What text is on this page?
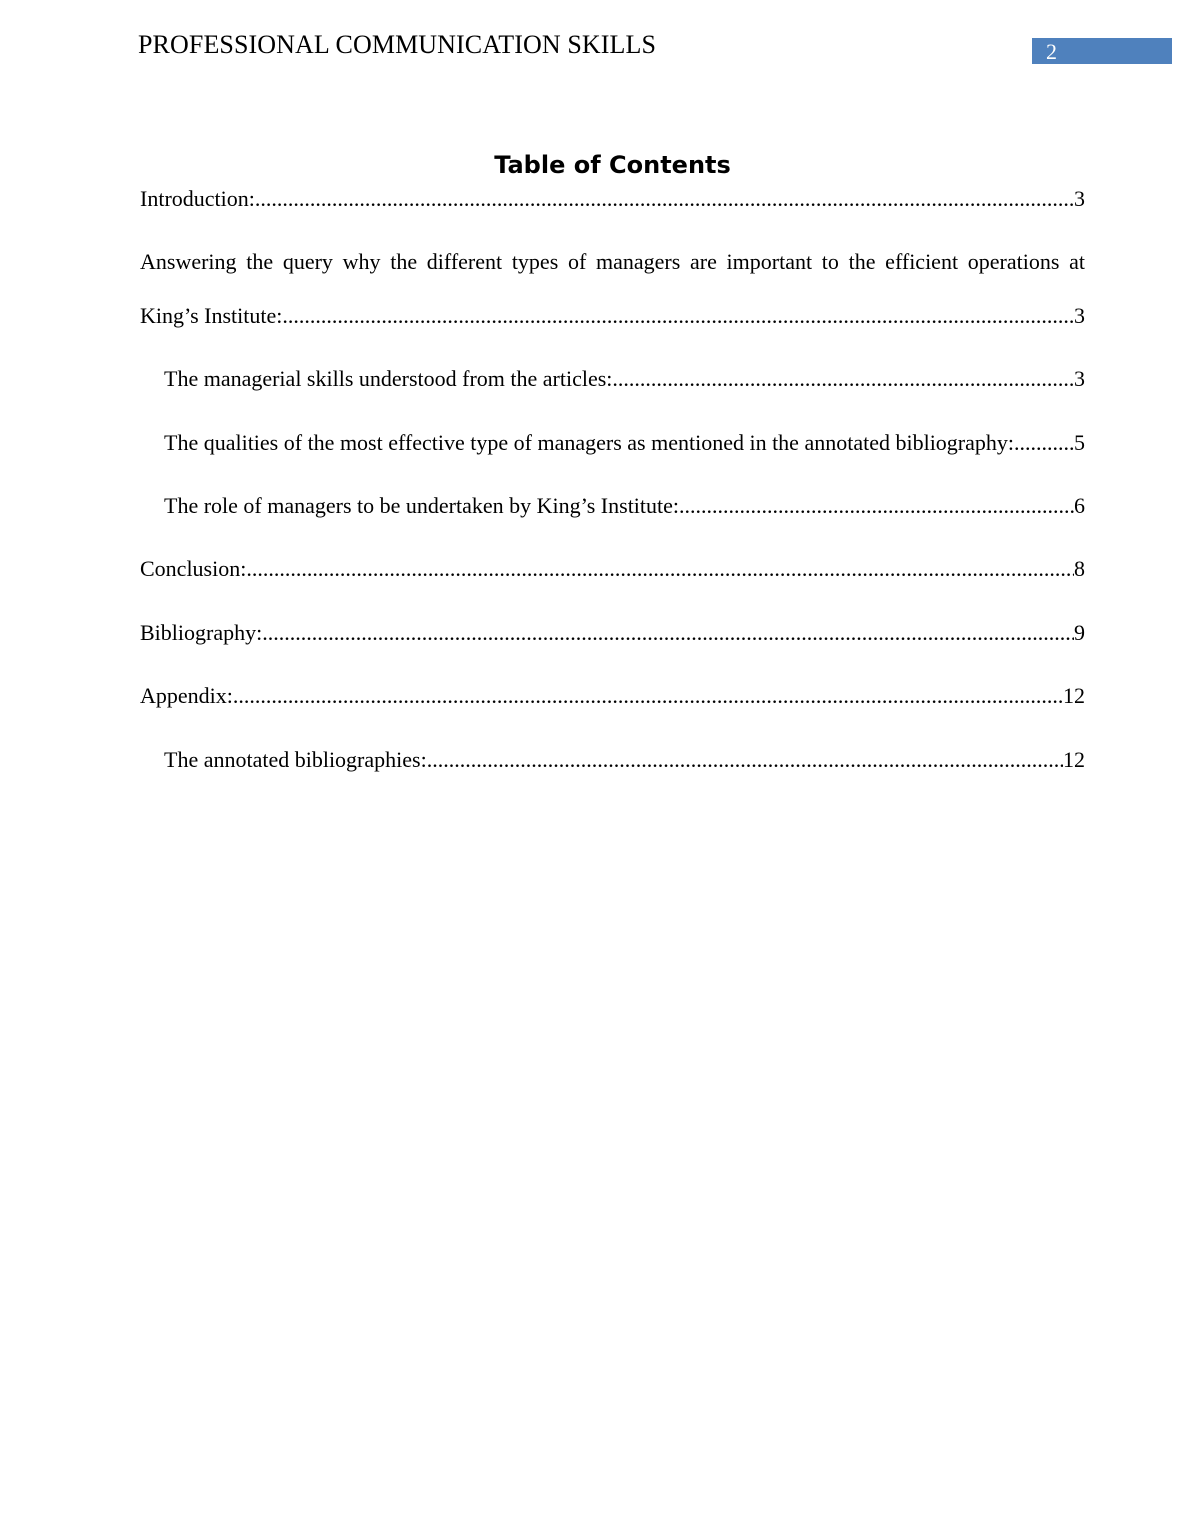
PROFESSIONAL COMMUNICATION SKILLS	2
Table of Contents
Introduction: .....	3
Answering the query why the different types of managers are important to the efficient operations at
King’s Institute: .....	3
The managerial skills understood from the articles: .....	3
The qualities of the most effective type of managers as mentioned in the annotated bibliography: .....	5
The role of managers to be undertaken by King’s Institute: .....	6
Conclusion: .....	8
Bibliography: .....	9
Appendix: .....	12
The annotated bibliographies: .....	12
